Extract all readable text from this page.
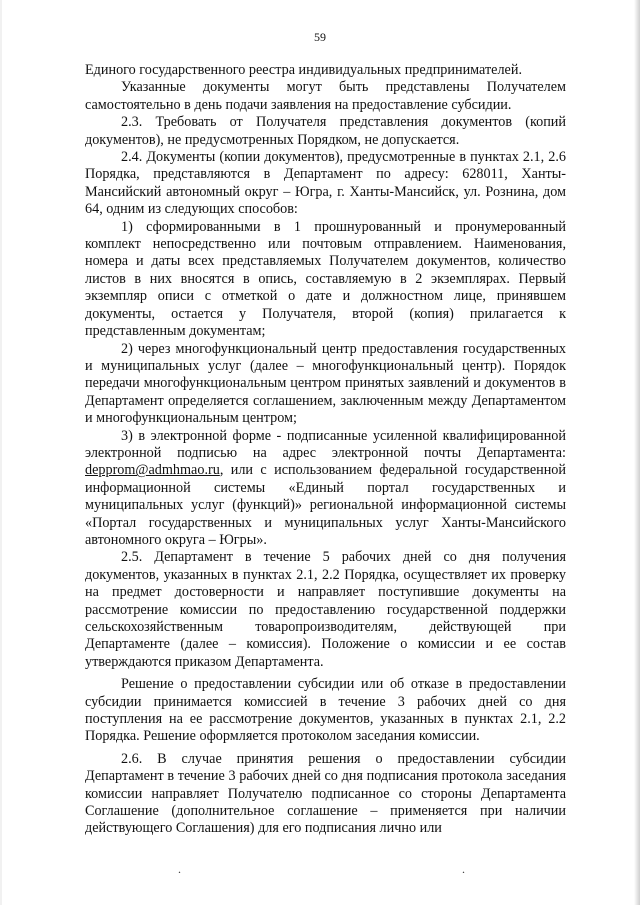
59

Единого государственного реестра индивидуальных предпринимателей.

Указанные документы могут быть представлены Получателем самостоятельно в день подачи заявления на предоставление субсидии.

2.3. Требовать от Получателя представления документов (копий документов), не предусмотренных Порядком, не допускается.

2.4. Документы (копии документов), предусмотренные в пунктах 2.1, 2.6 Порядка, представляются в Департамент по адресу: 628011, Ханты-Мансийский автономный округ – Югра, г. Ханты-Мансийск, ул. Рознина, дом 64, одним из следующих способов:

1) сформированными в 1 прошнурованный и пронумерованный комплект непосредственно или почтовым отправлением. Наименования, номера и даты всех представляемых Получателем документов, количество листов в них вносятся в опись, составляемую в 2 экземплярах. Первый экземпляр описи с отметкой о дате и должностном лице, принявшем документы, остается у Получателя, второй (копия) прилагается к представленным документам;

2) через многофункциональный центр предоставления государственных и муниципальных услуг (далее – многофункциональный центр). Порядок передачи многофункциональным центром принятых заявлений и документов в Департамент определяется соглашением, заключенным между Департаментом и многофункциональным центром;

3) в электронной форме - подписанные усиленной квалифицированной электронной подписью на адрес электронной почты Департамента: depprom@admhmao.ru, или с использованием федеральной государственной информационной системы «Единый портал государственных и муниципальных услуг (функций)» региональной информационной системы «Портал государственных и муниципальных услуг Ханты-Мансийского автономного округа – Югры».

2.5. Департамент в течение 5 рабочих дней со дня получения документов, указанных в пунктах 2.1, 2.2 Порядка, осуществляет их проверку на предмет достоверности и направляет поступившие документы на рассмотрение комиссии по предоставлению государственной поддержки сельскохозяйственным товаропроизводителям, действующей при Департаменте (далее – комиссия). Положение о комиссии и ее состав утверждаются приказом Департамента.

Решение о предоставлении субсидии или об отказе в предоставлении субсидии принимается комиссией в течение 3 рабочих дней со дня поступления на ее рассмотрение документов, указанных в пунктах 2.1, 2.2 Порядка. Решение оформляется протоколом заседания комиссии.

2.6. В случае принятия решения о предоставлении субсидии Департамент в течение 3 рабочих дней со дня подписания протокола заседания комиссии направляет Получателю подписанное со стороны Департамента Соглашение (дополнительное соглашение – применяется при наличии действующего Соглашения) для его подписания лично или

.	.
